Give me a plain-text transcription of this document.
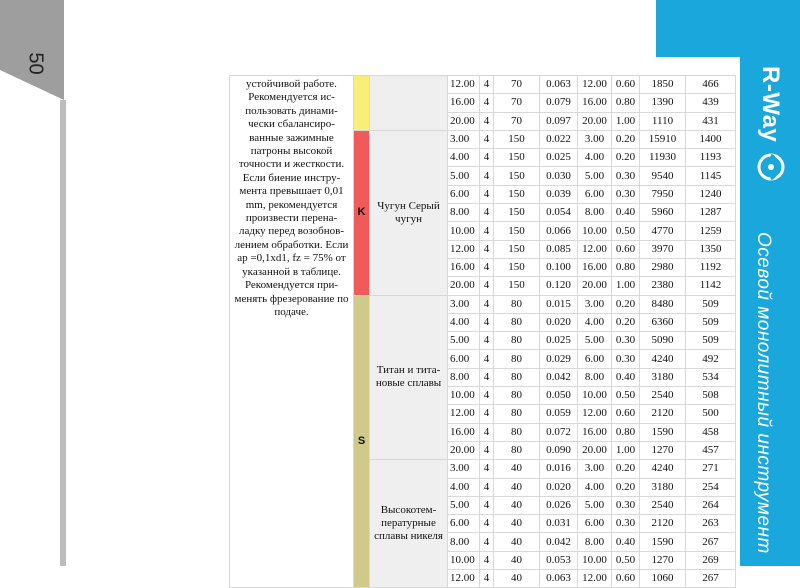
50
R-Way
Осевой монолитный инструмент
устойчивой работе. Рекомендуется ис-пользовать динами-чески сбалансиро-ванные зажимные патроны высокой точности и жесткости. Если биение инстру-мента превышает 0,01 mm, рекомендуется произвести перена-ладку перед возобнов-лением обработки. Если ap =0,1xd1, fz = 75% от указанной в таблице. Рекомендуется при-менять фрезерование по подаче.			12.00	4	70	0.063	12.00	0.60	1850	466
			16.00	4	70	0.079	16.00	0.80	1390	439
			20.00	4	70	0.097	20.00	1.00	1110	431
	K	Чугун Серый чугун	3.00	4	150	0.022	3.00	0.20	15910	1400
			4.00	4	150	0.025	4.00	0.20	11930	1193
			5.00	4	150	0.030	5.00	0.30	9540	1145
			6.00	4	150	0.039	6.00	0.30	7950	1240
			8.00	4	150	0.054	8.00	0.40	5960	1287
			10.00	4	150	0.066	10.00	0.50	4770	1259
			12.00	4	150	0.085	12.00	0.60	3970	1350
			16.00	4	150	0.100	16.00	0.80	2980	1192
			20.00	4	150	0.120	20.00	1.00	2380	1142
	S	Титан и тита-новые сплавы	3.00	4	80	0.015	3.00	0.20	8480	509
			4.00	4	80	0.020	4.00	0.20	6360	509
			5.00	4	80	0.025	5.00	0.30	5090	509
			6.00	4	80	0.029	6.00	0.30	4240	492
			8.00	4	80	0.042	8.00	0.40	3180	534
			10.00	4	80	0.050	10.00	0.50	2540	508
			12.00	4	80	0.059	12.00	0.60	2120	500
			16.00	4	80	0.072	16.00	0.80	1590	458
			20.00	4	80	0.090	20.00	1.00	1270	457
		Высокотем-пературные сплавы никеля	3.00	4	40	0.016	3.00	0.20	4240	271
			4.00	4	40	0.020	4.00	0.20	3180	254
			5.00	4	40	0.026	5.00	0.30	2540	264
			6.00	4	40	0.031	6.00	0.30	2120	263
			8.00	4	40	0.042	8.00	0.40	1590	267
			10.00	4	40	0.053	10.00	0.50	1270	269
			12.00	4	40	0.063	12.00	0.60	1060	267
